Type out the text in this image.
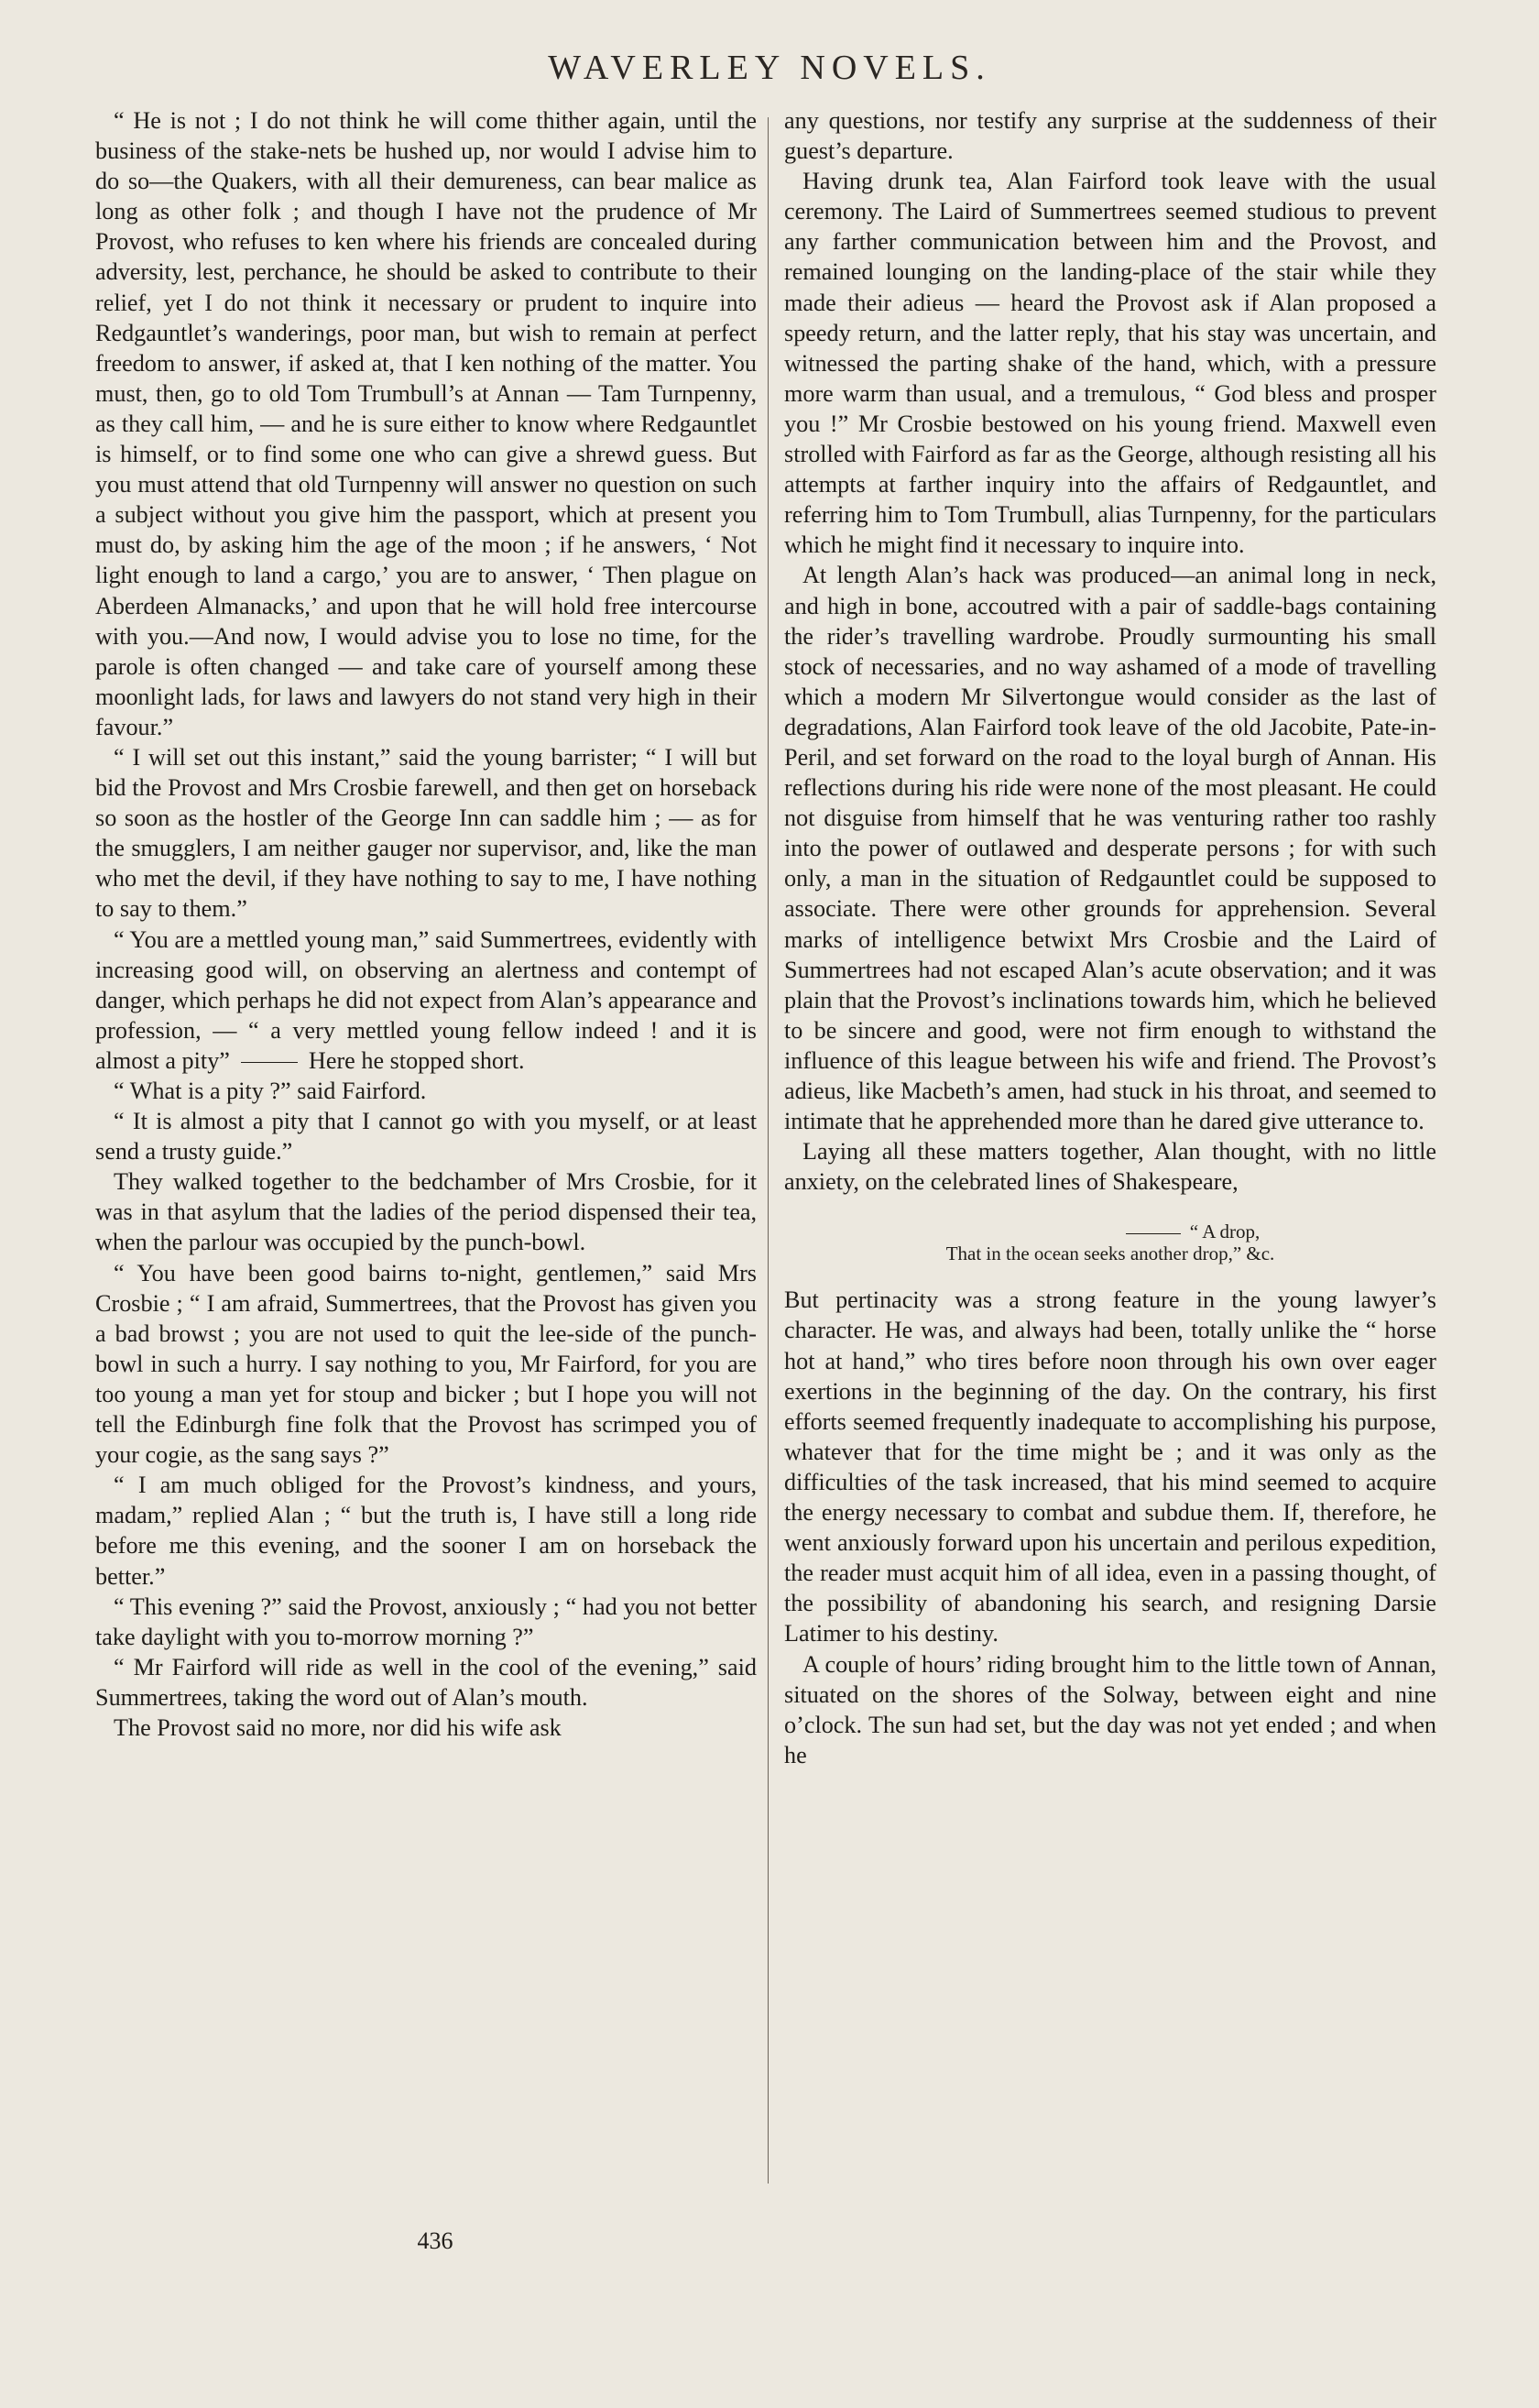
WAVERLEY NOVELS.

“ He is not ; I do not think he will come thither again, until the business of the stake-nets be hushed up, nor would I advise him to do so—the Quakers, with all their demureness, can bear malice as long as other folk ; and though I have not the prudence of Mr Provost, who refuses to ken where his friends are concealed during adversity, lest, perchance, he should be asked to contribute to their relief, yet I do not think it necessary or prudent to inquire into Redgauntlet’s wanderings, poor man, but wish to remain at perfect freedom to answer, if asked at, that I ken nothing of the matter. You must, then, go to old Tom Trumbull’s at Annan — Tam Turnpenny, as they call him, — and he is sure either to know where Redgauntlet is himself, or to find some one who can give a shrewd guess. But you must attend that old Turnpenny will answer no question on such a subject without you give him the passport, which at present you must do, by asking him the age of the moon ; if he answers, ‘ Not light enough to land a cargo,’ you are to answer, ‘ Then plague on Aberdeen Almanacks,’ and upon that he will hold free intercourse with you.—And now, I would advise you to lose no time, for the parole is often changed — and take care of yourself among these moonlight lads, for laws and lawyers do not stand very high in their favour.”

“ I will set out this instant,” said the young barrister; “ I will but bid the Provost and Mrs Crosbie farewell, and then get on horseback so soon as the hostler of the George Inn can saddle him ; — as for the smugglers, I am neither gauger nor supervisor, and, like the man who met the devil, if they have nothing to say to me, I have nothing to say to them.”

“ You are a mettled young man,” said Summertrees, evidently with increasing good will, on observing an alertness and contempt of danger, which perhaps he did not expect from Alan’s appearance and profession, — “ a very mettled young fellow indeed ! and it is almost a pity”	Here he stopped short.

“ What is a pity ?” said Fairford.

“ It is almost a pity that I cannot go with you myself, or at least send a trusty guide.”

They walked together to the bedchamber of Mrs Crosbie, for it was in that asylum that the ladies of the period dispensed their tea, when the parlour was occupied by the punch-bowl.

“ You have been good bairns to-night, gentlemen,” said Mrs Crosbie ; “ I am afraid, Summertrees, that the Provost has given you a bad browst ; you are not used to quit the lee-side of the punch-bowl in such a hurry. I say nothing to you, Mr Fairford, for you are too young a man yet for stoup and bicker ; but I hope you will not tell the Edinburgh fine folk that the Provost has scrimped you of your cogie, as the sang says ?”

“ I am much obliged for the Provost’s kindness, and yours, madam,” replied Alan ; “ but the truth is, I have still a long ride before me this evening, and the sooner I am on horseback the better.”

“ This evening ?” said the Provost, anxiously ; “ had you not better take daylight with you to-morrow morning ?”

“ Mr Fairford will ride as well in the cool of the evening,” said Summertrees, taking the word out of Alan’s mouth.

The Provost said no more, nor did his wife ask

any questions, nor testify any surprise at the suddenness of their guest’s departure.

Having drunk tea, Alan Fairford took leave with the usual ceremony. The Laird of Summertrees seemed studious to prevent any farther communication between him and the Provost, and remained lounging on the landing-place of the stair while they made their adieus — heard the Provost ask if Alan proposed a speedy return, and the latter reply, that his stay was uncertain, and witnessed the parting shake of the hand, which, with a pressure more warm than usual, and a tremulous, “ God bless and prosper you !” Mr Crosbie bestowed on his young friend. Maxwell even strolled with Fairford as far as the George, although resisting all his attempts at farther inquiry into the affairs of Redgauntlet, and referring him to Tom Trumbull, alias Turnpenny, for the particulars which he might find it necessary to inquire into.

At length Alan’s hack was produced—an animal long in neck, and high in bone, accoutred with a pair of saddle-bags containing the rider’s travelling wardrobe. Proudly surmounting his small stock of necessaries, and no way ashamed of a mode of travelling which a modern Mr Silvertongue would consider as the last of degradations, Alan Fairford took leave of the old Jacobite, Pate-in-Peril, and set forward on the road to the loyal burgh of Annan. His reflections during his ride were none of the most pleasant. He could not disguise from himself that he was venturing rather too rashly into the power of outlawed and desperate persons ; for with such only, a man in the situation of Redgauntlet could be supposed to associate. There were other grounds for apprehension. Several marks of intelligence betwixt Mrs Crosbie and the Laird of Summertrees had not escaped Alan’s acute observation; and it was plain that the Provost’s inclinations towards him, which he believed to be sincere and good, were not firm enough to withstand the influence of this league between his wife and friend. The Provost’s adieus, like Macbeth’s amen, had stuck in his throat, and seemed to intimate that he apprehended more than he dared give utterance to.

Laying all these matters together, Alan thought, with no little anxiety, on the celebrated lines of Shakespeare,

“ A drop,
That in the ocean seeks another drop,” &c.

But pertinacity was a strong feature in the young lawyer’s character. He was, and always had been, totally unlike the “ horse hot at hand,” who tires before noon through his own over eager exertions in the beginning of the day. On the contrary, his first efforts seemed frequently inadequate to accomplishing his purpose, whatever that for the time might be ; and it was only as the difficulties of the task increased, that his mind seemed to acquire the energy necessary to combat and subdue them. If, therefore, he went anxiously forward upon his uncertain and perilous expedition, the reader must acquit him of all idea, even in a passing thought, of the possibility of abandoning his search, and resigning Darsie Latimer to his destiny.

A couple of hours’ riding brought him to the little town of Annan, situated on the shores of the Solway, between eight and nine o’clock. The sun had set, but the day was not yet ended ; and when he

436
